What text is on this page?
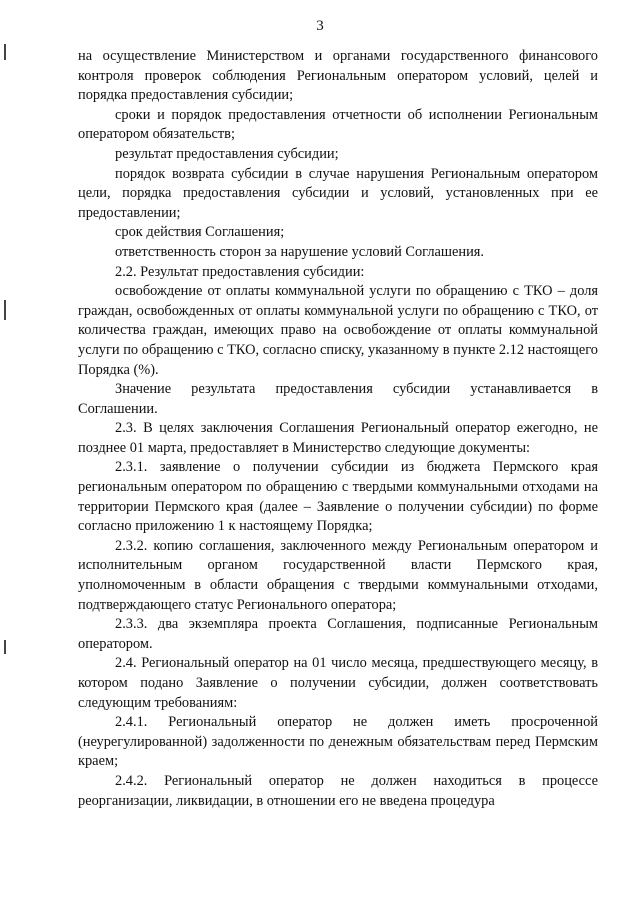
3

на осуществление Министерством и органами государственного финансового контроля проверок соблюдения Региональным оператором условий, целей и порядка предоставления субсидии;

сроки и порядок предоставления отчетности об исполнении Региональным оператором обязательств;

результат предоставления субсидии;

порядок возврата субсидии в случае нарушения Региональным оператором цели, порядка предоставления субсидии и условий, установленных при ее предоставлении;

срок действия Соглашения;

ответственность сторон за нарушение условий Соглашения.

2.2. Результат предоставления субсидии:

освобождение от оплаты коммунальной услуги по обращению с ТКО – доля граждан, освобожденных от оплаты коммунальной услуги по обращению с ТКО, от количества граждан, имеющих право на освобождение от оплаты коммунальной услуги по обращению с ТКО, согласно списку, указанному в пункте 2.12 настоящего Порядка (%).

Значение результата предоставления субсидии устанавливается в Соглашении.

2.3. В целях заключения Соглашения Региональный оператор ежегодно, не позднее 01 марта, предоставляет в Министерство следующие документы:

2.3.1. заявление о получении субсидии из бюджета Пермского края региональным оператором по обращению с твердыми коммунальными отходами на территории Пермского края (далее – Заявление о получении субсидии) по форме согласно приложению 1 к настоящему Порядка;

2.3.2. копию соглашения, заключенного между Региональным оператором и исполнительным органом государственной власти Пермского края, уполномоченным в области обращения с твердыми коммунальными отходами, подтверждающего статус Регионального оператора;

2.3.3. два экземпляра проекта Соглашения, подписанные Региональным оператором.

2.4. Региональный оператор на 01 число месяца, предшествующего месяцу, в котором подано Заявление о получении субсидии, должен соответствовать следующим требованиям:

2.4.1. Региональный оператор не должен иметь просроченной (неурегулированной) задолженности по денежным обязательствам перед Пермским краем;

2.4.2. Региональный оператор не должен находиться в процессе реорганизации, ликвидации, в отношении его не введена процедура
